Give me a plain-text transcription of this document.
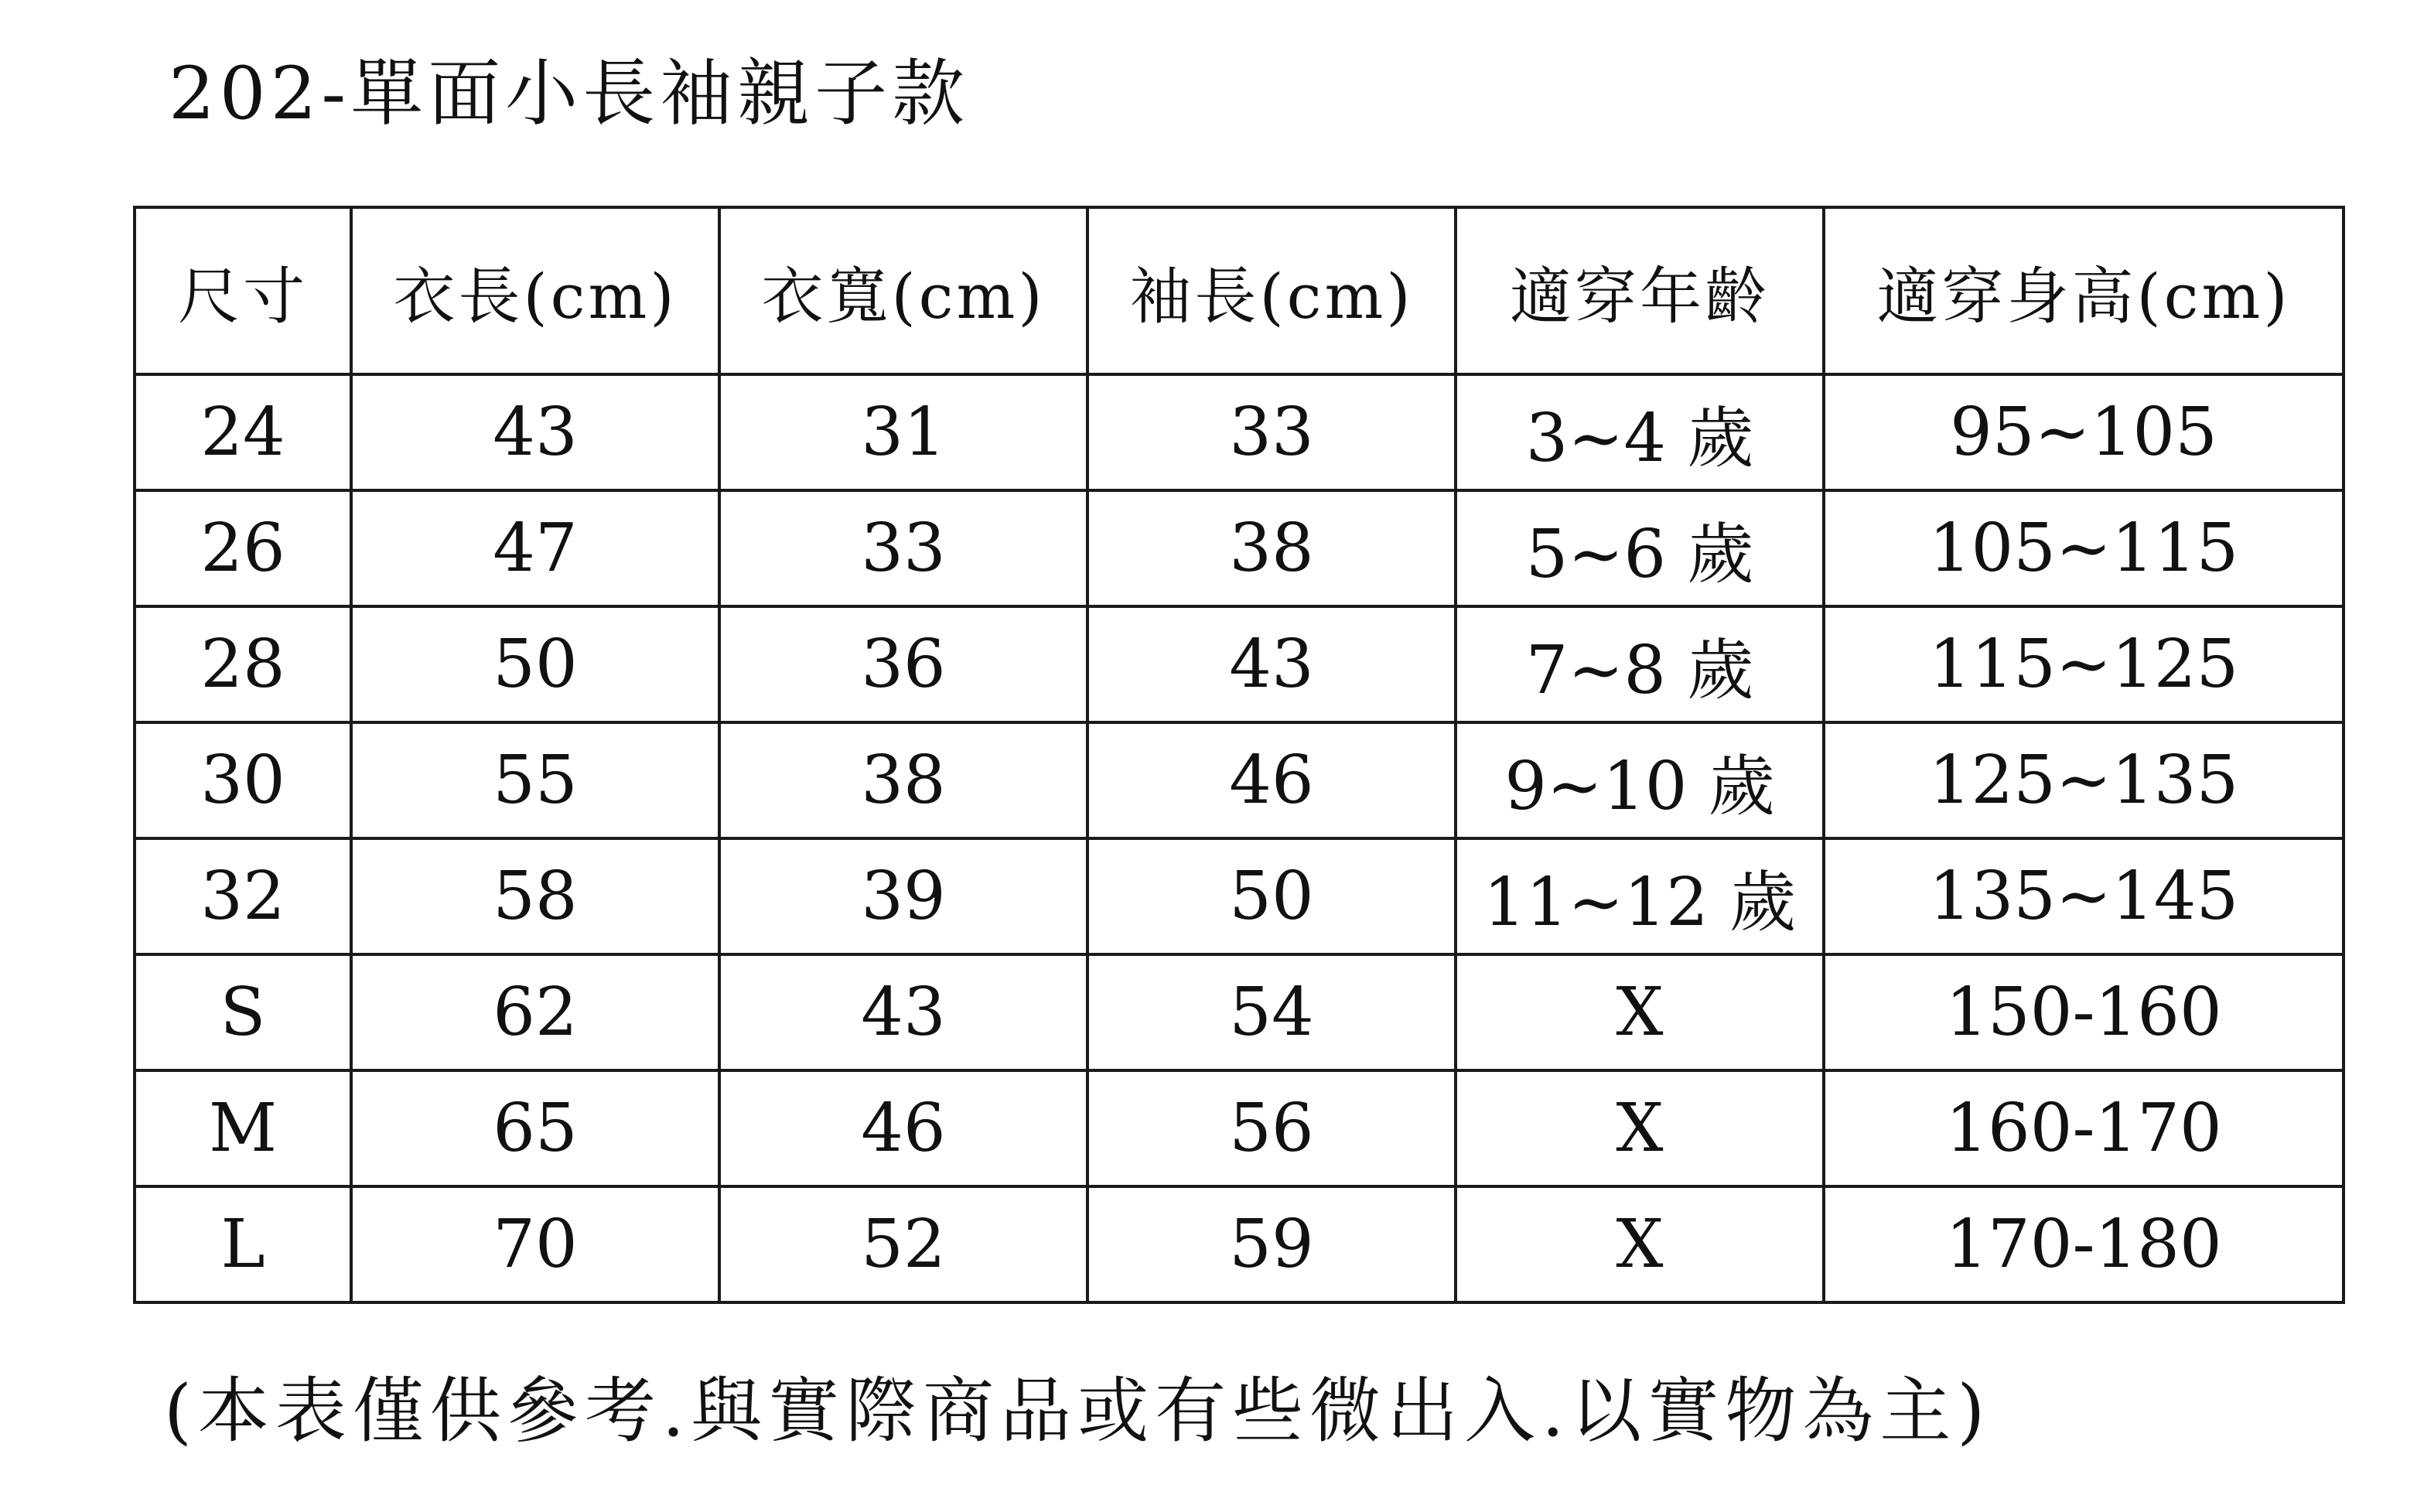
202-單面小長袖親子款
尺寸	衣長(cm)	衣寬(cm)	袖長(cm)	適穿年齡	適穿身高(cm)
24	43	31	33	3~4 歲	95~105
26	47	33	38	5~6 歲	105~115
28	50	36	43	7~8 歲	115~125
30	55	38	46	9~10 歲	125~135
32	58	39	50	11~12 歲	135~145
S	62	43	54	X	150-160
M	65	46	56	X	160-170
L	70	52	59	X	170-180
(本表僅供參考.與實際商品或有些微出入.以實物為主)
